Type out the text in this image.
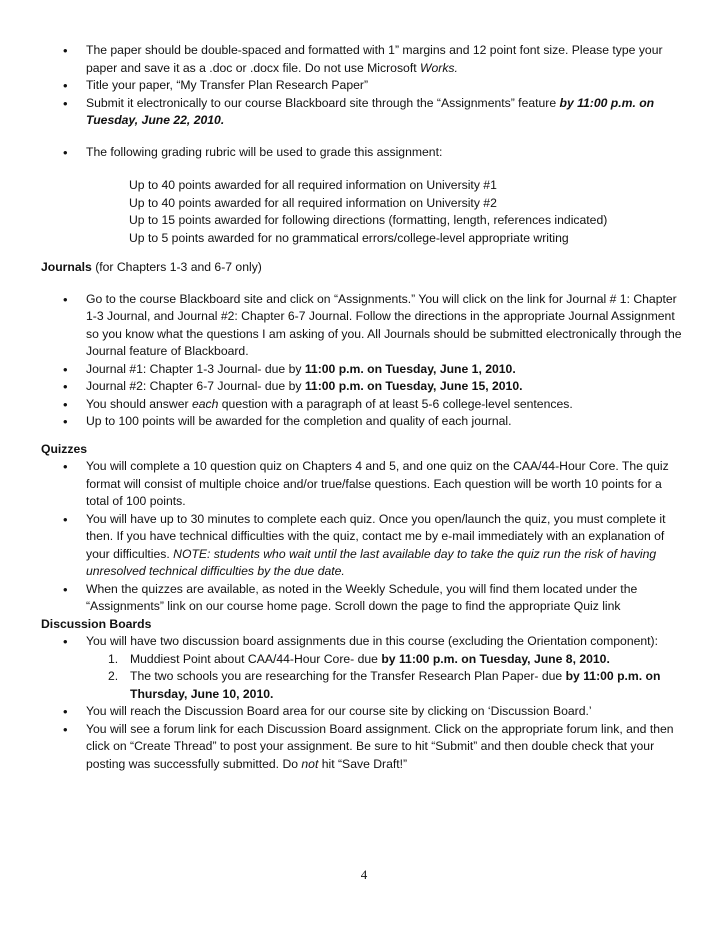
• The paper should be double-spaced and formatted with 1” margins and 12 point font size. Please type your paper and save it as a .doc or .docx file. Do not use Microsoft Works.
• Title your paper, “My Transfer Plan Research Paper”
• Submit it electronically to our course Blackboard site through the “Assignments” feature by 11:00 p.m. on Tuesday, June 22, 2010.
• The following grading rubric will be used to grade this assignment:
Up to 40 points awarded for all required information on University #1
Up to 40 points awarded for all required information on University #2
Up to 15 points awarded for following directions (formatting, length, references indicated)
Up to 5 points awarded for no grammatical errors/college-level appropriate writing
Journals (for Chapters 1-3 and 6-7 only)
• Go to the course Blackboard site and click on “Assignments.” You will click on the link for Journal # 1: Chapter 1-3 Journal, and Journal #2: Chapter 6-7 Journal. Follow the directions in the appropriate Journal Assignment so you know what the questions I am asking of you. All Journals should be submitted electronically through the Journal feature of Blackboard.
• Journal #1: Chapter 1-3 Journal- due by 11:00 p.m. on Tuesday, June 1, 2010.
• Journal #2: Chapter 6-7 Journal- due by 11:00 p.m. on Tuesday, June 15, 2010.
• You should answer each question with a paragraph of at least 5-6 college-level sentences.
• Up to 100 points will be awarded for the completion and quality of each journal.
Quizzes
• You will complete a 10 question quiz on Chapters 4 and 5, and one quiz on the CAA/44-Hour Core. The quiz format will consist of multiple choice and/or true/false questions. Each question will be worth 10 points for a total of 100 points.
• You will have up to 30 minutes to complete each quiz. Once you open/launch the quiz, you must complete it then. If you have technical difficulties with the quiz, contact me by e-mail immediately with an explanation of your difficulties. NOTE: students who wait until the last available day to take the quiz run the risk of having unresolved technical difficulties by the due date.
• When the quizzes are available, as noted in the Weekly Schedule, you will find them located under the “Assignments” link on our course home page. Scroll down the page to find the appropriate Quiz link
Discussion Boards
• You will have two discussion board assignments due in this course (excluding the Orientation component):
1. Muddiest Point about CAA/44-Hour Core- due by 11:00 p.m. on Tuesday, June 8, 2010.
2. The two schools you are researching for the Transfer Research Plan Paper- due by 11:00 p.m. on Thursday, June 10, 2010.
• You will reach the Discussion Board area for our course site by clicking on ‘Discussion Board.’
• You will see a forum link for each Discussion Board assignment. Click on the appropriate forum link, and then click on “Create Thread” to post your assignment. Be sure to hit “Submit” and then double check that your posting was successfully submitted. Do not hit “Save Draft!”
4
